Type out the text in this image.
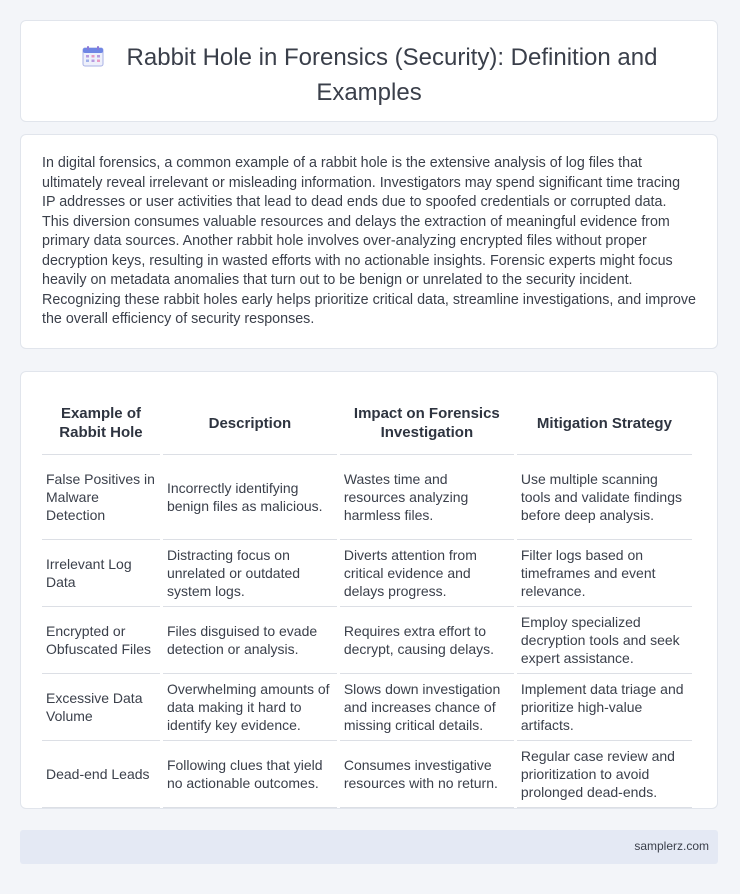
Rabbit Hole in Forensics (Security): Definition and

Examples
In digital forensics, a common example of a rabbit hole is the extensive analysis of log files that ultimately reveal irrelevant or misleading information. Investigators may spend significant time tracing IP addresses or user activities that lead to dead ends due to spoofed credentials or corrupted data. This diversion consumes valuable resources and delays the extraction of meaningful evidence from primary data sources. Another rabbit hole involves over-analyzing encrypted files without proper decryption keys, resulting in wasted efforts with no actionable insights. Forensic experts might focus heavily on metadata anomalies that turn out to be benign or unrelated to the security incident. Recognizing these rabbit holes early helps prioritize critical data, streamline investigations, and improve the overall efficiency of security responses.
Example of Rabbit Hole	Description	Impact on Forensics Investigation	Mitigation Strategy
False Positives in Malware Detection	Incorrectly identifying benign files as malicious.	Wastes time and resources analyzing harmless files.	Use multiple scanning tools and validate findings before deep analysis.
Irrelevant Log Data	Distracting focus on unrelated or outdated system logs.	Diverts attention from critical evidence and delays progress.	Filter logs based on timeframes and event relevance.
Encrypted or Obfuscated Files	Files disguised to evade detection or analysis.	Requires extra effort to decrypt, causing delays.	Employ specialized decryption tools and seek expert assistance.
Excessive Data Volume	Overwhelming amounts of data making it hard to identify key evidence.	Slows down investigation and increases chance of missing critical details.	Implement data triage and prioritize high-value artifacts.
Dead-end Leads	Following clues that yield no actionable outcomes.	Consumes investigative resources with no return.	Regular case review and prioritization to avoid prolonged dead-ends.
samplerz.com
